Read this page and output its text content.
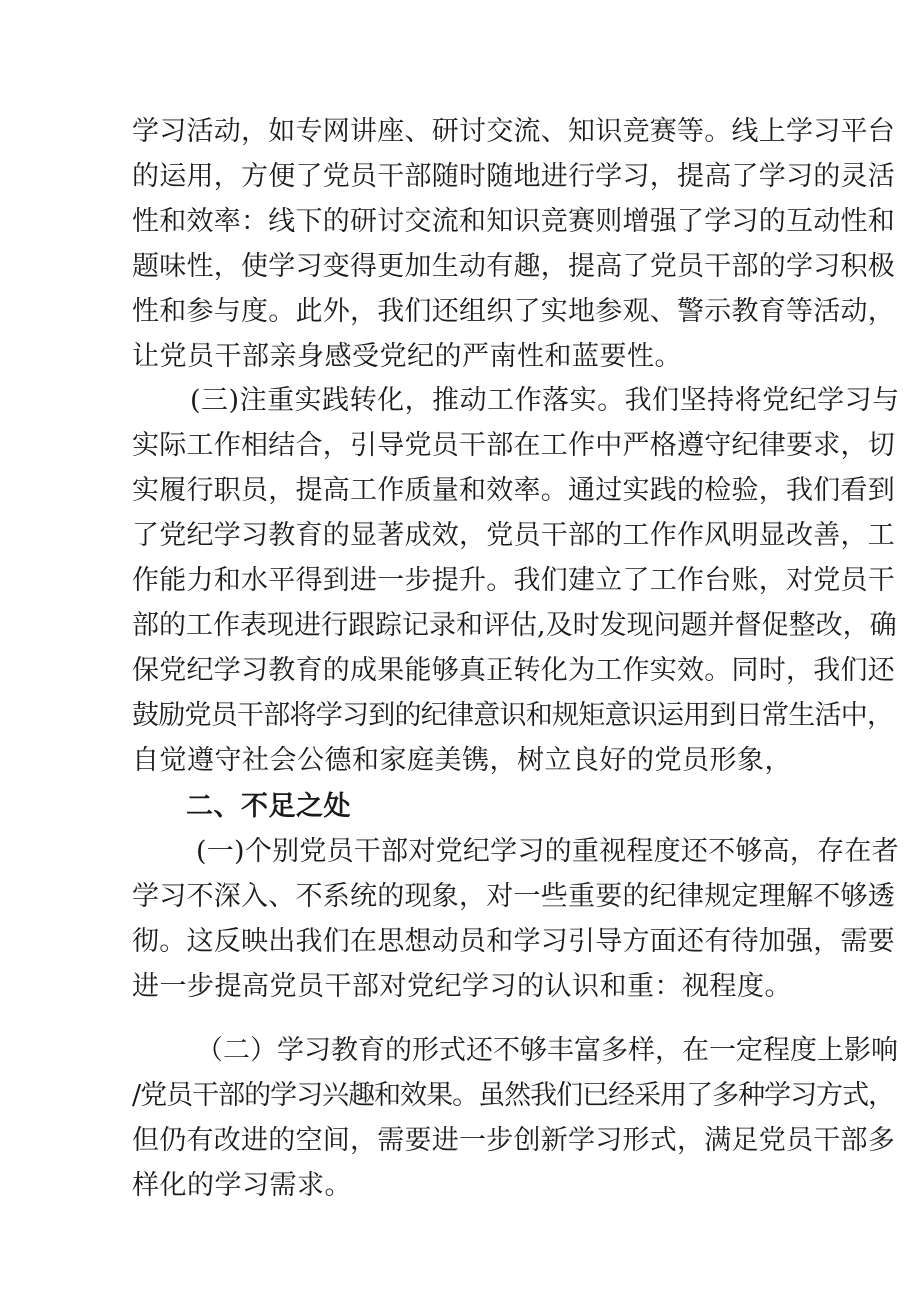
学习活动，如专网讲座、研讨交流、知识竞赛等。线上学习平台

的运用，方便了党员干部随时随地进行学习，提高了学习的灵活

性和效率：线下的研讨交流和知识竞赛则增强了学习的互动性和

题味性，使学习变得更加生动有趣，提高了党员干部的学习积极

性和参与度。此外，我们还组织了实地参观、警示教育等活动，

让党员干部亲身感受党纪的严南性和蓝要性。

(三)注重实践转化，推动工作落实。我们坚持将党纪学习与

实际工作相结合，引导党员干部在工作中严格遵守纪律要求，切

实履行职员，提高工作质量和效率。通过实践的检验，我们看到

了党纪学习教育的显著成效，党员干部的工作作风明显改善，工

作能力和水平得到进一步提升。我们建立了工作台账，对党员干

部的工作表现进行跟踪记录和评估,及时发现问题并督促整改，确

保党纪学习教育的成果能够真正转化为工作实效。同时，我们还

鼓励党员干部将学习到的纪律意识和规矩意识运用到日常生活中，

自觉遵守社会公德和家庭美镌，树立良好的党员形象，

二、不足之处

(一)个别党员干部对党纪学习的重视程度还不够高，存在者

学习不深入、不系统的现象，对一些重要的纪律规定理解不够透

彻。这反映出我们在思想动员和学习引导方面还有待加强，需要

进一步提高党员干部对党纪学习的认识和重：视程度。

（二）学习教育的形式还不够丰富多样，在一定程度上影响

/党员干部的学习兴趣和效果。虽然我们已经采用了多种学习方式，

但仍有改进的空间，需要进一步创新学习形式，满足党员干部多

样化的学习需求。
